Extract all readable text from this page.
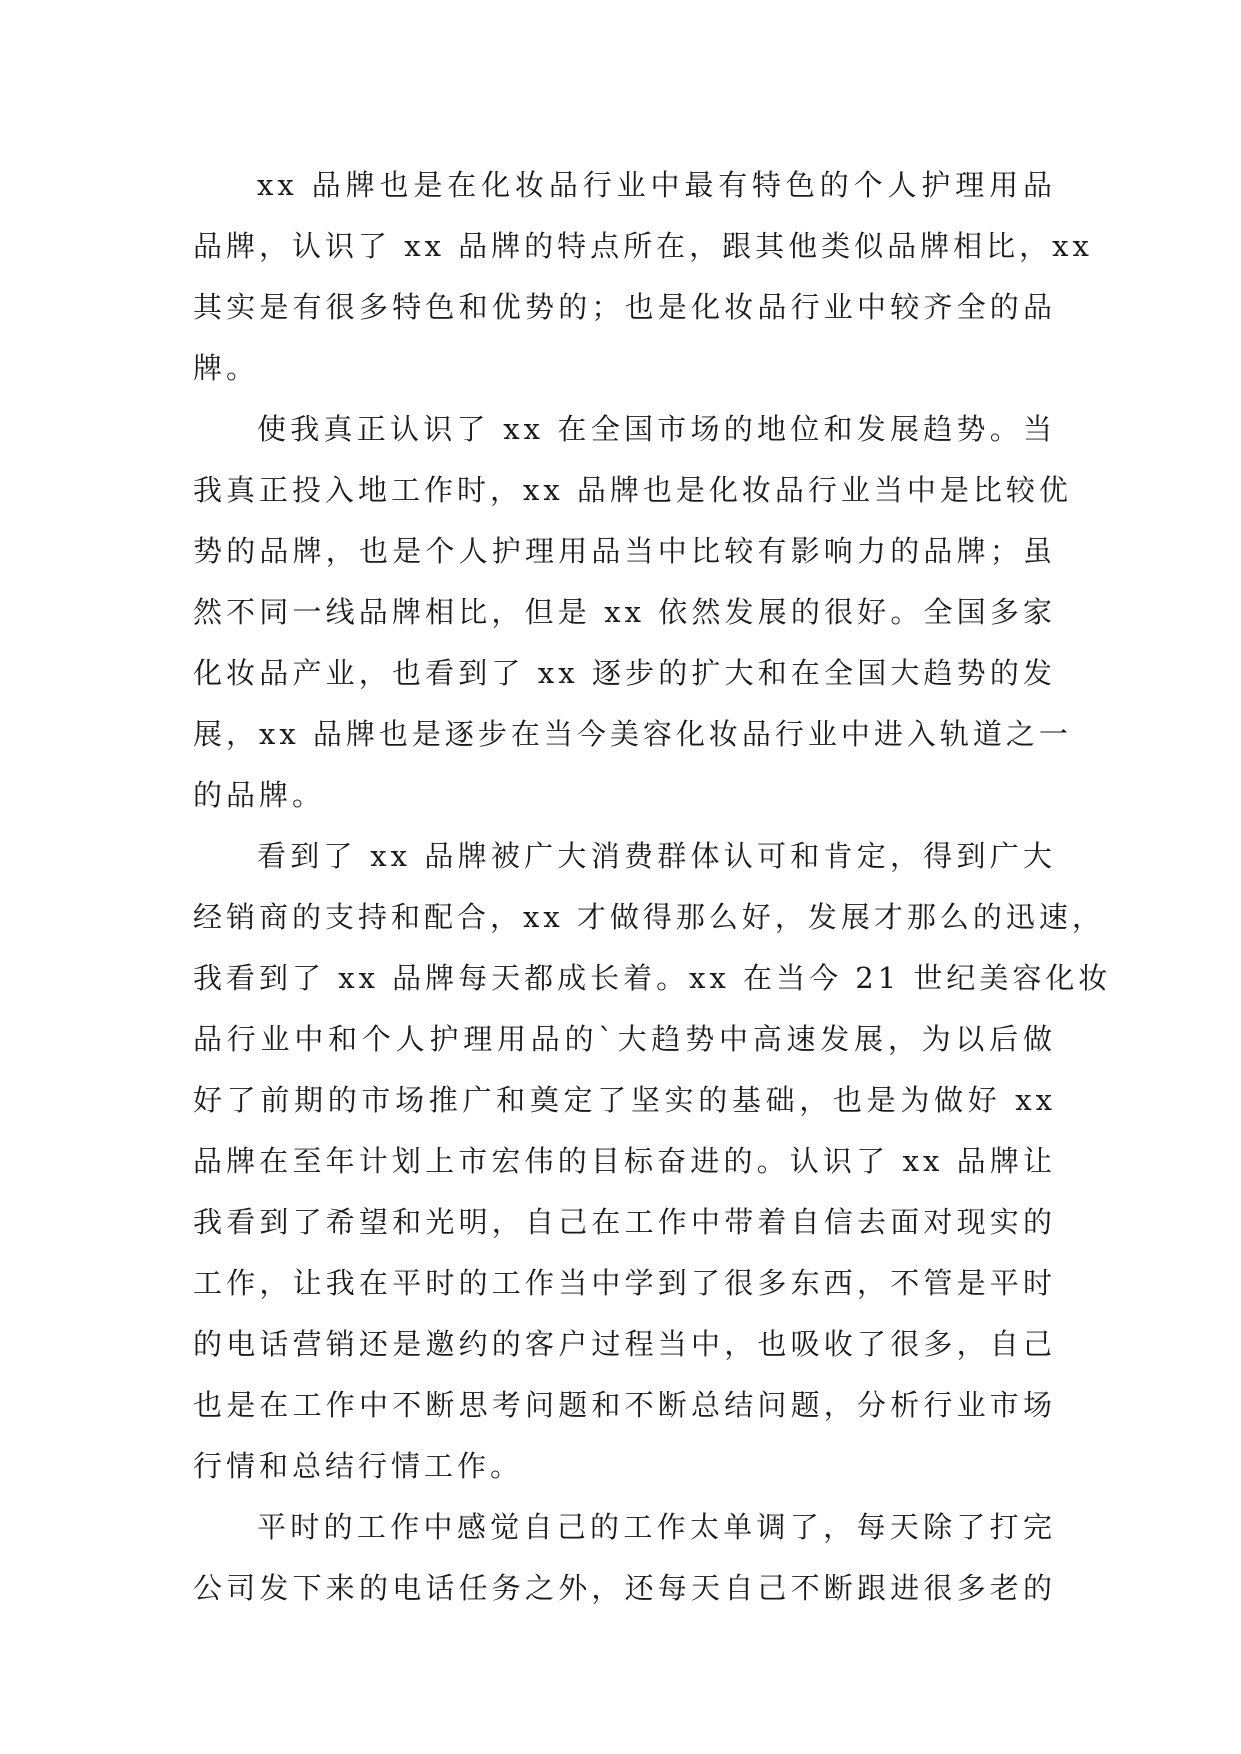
xx 品牌也是在化妆品行业中最有特色的个人护理用品
品牌，认识了 xx 品牌的特点所在，跟其他类似品牌相比，xx
其实是有很多特色和优势的；也是化妆品行业中较齐全的品
牌。
使我真正认识了 xx 在全国市场的地位和发展趋势。当
我真正投入地工作时，xx 品牌也是化妆品行业当中是比较优
势的品牌，也是个人护理用品当中比较有影响力的品牌；虽
然不同一线品牌相比，但是 xx 依然发展的很好。全国多家
化妆品产业，也看到了 xx 逐步的扩大和在全国大趋势的发
展，xx 品牌也是逐步在当今美容化妆品行业中进入轨道之一
的品牌。
看到了 xx 品牌被广大消费群体认可和肯定，得到广大
经销商的支持和配合，xx 才做得那么好，发展才那么的迅速，
我看到了 xx 品牌每天都成长着。xx 在当今 21 世纪美容化妆
品行业中和个人护理用品的`大趋势中高速发展，为以后做
好了前期的市场推广和奠定了坚实的基础，也是为做好 xx
品牌在至年计划上市宏伟的目标奋进的。认识了 xx 品牌让
我看到了希望和光明，自己在工作中带着自信去面对现实的
工作，让我在平时的工作当中学到了很多东西，不管是平时
的电话营销还是邀约的客户过程当中，也吸收了很多，自己
也是在工作中不断思考问题和不断总结问题，分析行业市场
行情和总结行情工作。
平时的工作中感觉自己的工作太单调了，每天除了打完
公司发下来的电话任务之外，还每天自己不断跟进很多老的
